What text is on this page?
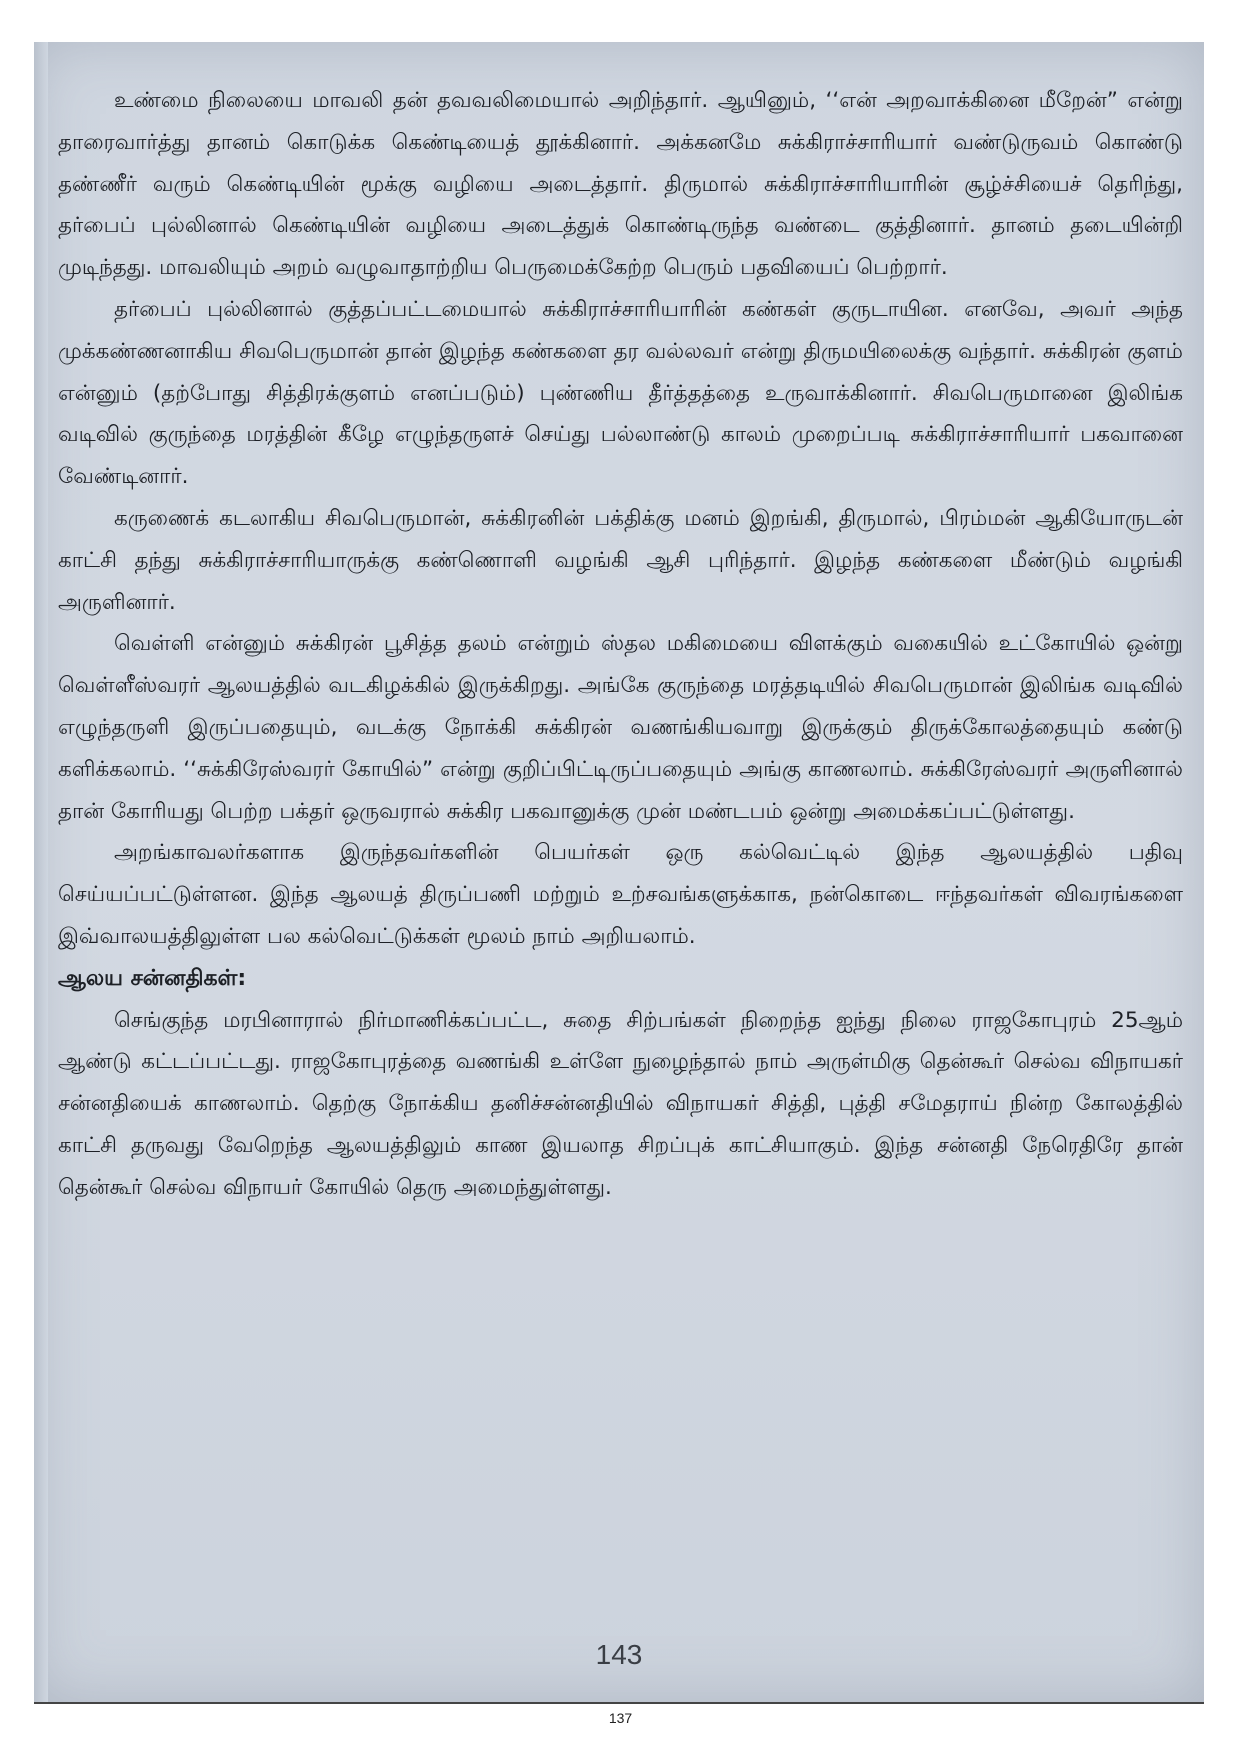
உண்மை நிலையை மாவலி தன் தவவலிமையால் அறிந்தார். ஆயினும், ‘‘என் அறவாக்கினை மீறேன்” என்று தாரைவார்த்து தானம் கொடுக்க கெண்டியைத் தூக்கினார். அக்கனமே சுக்கிராச்சாரியார் வண்டுருவம் கொண்டு தண்ணீர் வரும் கெண்டியின் மூக்கு வழியை அடைத்தார். திருமால் சுக்கிராச்சாரியாரின் சூழ்ச்சியைச் தெரிந்து, தர்பைப் புல்லினால் கெண்டியின் வழியை அடைத்துக் கொண்டிருந்த வண்டை குத்தினார். தானம் தடையின்றி முடிந்தது. மாவலியும் அறம் வழுவாதாற்றிய பெருமைக்கேற்ற பெரும் பதவியைப் பெற்றார்.

தர்பைப் புல்லினால் குத்தப்பட்டமையால் சுக்கிராச்சாரியாரின் கண்கள் குருடாயின. எனவே, அவர் அந்த முக்கண்ணனாகிய சிவபெருமான் தான் இழந்த கண்களை தர வல்லவர் என்று திருமயிலைக்கு வந்தார். சுக்கிரன் குளம் என்னும் (தற்போது சித்திரக்குளம் எனப்படும்) புண்ணிய தீர்த்தத்தை உருவாக்கினார். சிவபெருமானை இலிங்க வடிவில் குருந்தை மரத்தின் கீழே எழுந்தருளச் செய்து பல்லாண்டு காலம் முறைப்படி சுக்கிராச்சாரியார் பகவானை வேண்டினார்.

கருணைக் கடலாகிய சிவபெருமான், சுக்கிரனின் பக்திக்கு மனம் இறங்கி, திருமால், பிரம்மன் ஆகியோருடன் காட்சி தந்து சுக்கிராச்சாரியாருக்கு கண்ணொளி வழங்கி ஆசி புரிந்தார். இழந்த கண்களை மீண்டும் வழங்கி அருளினார்.

வெள்ளி என்னும் சுக்கிரன் பூசித்த தலம் என்றும் ஸ்தல மகிமையை விளக்கும் வகையில் உட்கோயில் ஒன்று வெள்ளீஸ்வரர் ஆலயத்தில் வடகிழக்கில் இருக்கிறது. அங்கே குருந்தை மரத்தடியில் சிவபெருமான் இலிங்க வடிவில் எழுந்தருளி இருப்பதையும், வடக்கு நோக்கி சுக்கிரன் வணங்கியவாறு இருக்கும் திருக்கோலத்தையும் கண்டு களிக்கலாம். ‘‘சுக்கிரேஸ்வரர் கோயில்” என்று குறிப்பிட்டிருப்பதையும் அங்கு காணலாம். சுக்கிரேஸ்வரர் அருளினால் தான் கோரியது பெற்ற பக்தர் ஒருவரால் சுக்கிர பகவானுக்கு முன் மண்டபம் ஒன்று அமைக்கப்பட்டுள்ளது.

அறங்காவலர்களாக இருந்தவர்களின் பெயர்கள் ஒரு கல்வெட்டில் இந்த ஆலயத்தில் பதிவு செய்யப்பட்டுள்ளன. இந்த ஆலயத் திருப்பணி மற்றும் உற்சவங்களுக்காக, நன்கொடை ஈந்தவர்கள் விவரங்களை இவ்வாலயத்திலுள்ள பல கல்வெட்டுக்கள் மூலம் நாம் அறியலாம்.

ஆலய சன்னதிகள்:

செங்குந்த மரபினாரால் நிர்மாணிக்கப்பட்ட, சுதை சிற்பங்கள் நிறைந்த ஐந்து நிலை ராஜகோபுரம் 25ஆம் ஆண்டு கட்டப்பட்டது. ராஜகோபுரத்தை வணங்கி உள்ளே நுழைந்தால் நாம் அருள்மிகு தென்கூர் செல்வ விநாயகர் சன்னதியைக் காணலாம். தெற்கு நோக்கிய தனிச்சன்னதியில் விநாயகர் சித்தி, புத்தி சமேதராய் நின்ற கோலத்தில் காட்சி தருவது வேறெந்த ஆலயத்திலும் காண இயலாத சிறப்புக் காட்சியாகும். இந்த சன்னதி நேரெதிரே தான் தென்கூர் செல்வ விநாயர் கோயில் தெரு அமைந்துள்ளது.

143
137
